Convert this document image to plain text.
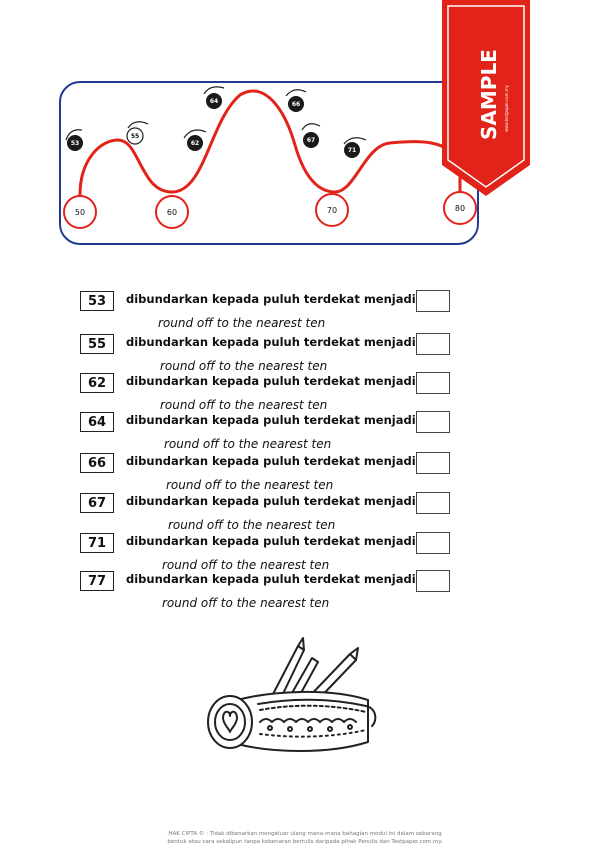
50	60	70	80
53
55
62
64	66
67
71
SAMPLE www.testpaper.com.my
53	dibundarkan kepada puluh terdekat menjadi
round off to the nearest ten
55	dibundarkan kepada puluh terdekat menjadi
round off to the nearest ten
62	dibundarkan kepada puluh terdekat menjadi
round off to the nearest ten
64	dibundarkan kepada puluh terdekat menjadi
round off to the nearest ten
66	dibundarkan kepada puluh terdekat menjadi
round off to the nearest ten
67	dibundarkan kepada puluh terdekat menjadi
round off to the nearest ten
71	dibundarkan kepada puluh terdekat menjadi
round off to the nearest ten
77	dibundarkan kepada puluh terdekat menjadi
round off to the nearest ten
HAK CIPTA © : Tidak dibenarkan mengeluar ulang mana-mana bahagian modul ini dalam sebarang
bentuk atau cara sekalipun tanpa kebenaran bertulis daripada pihak Penulis dan Testpaper.com.my.
